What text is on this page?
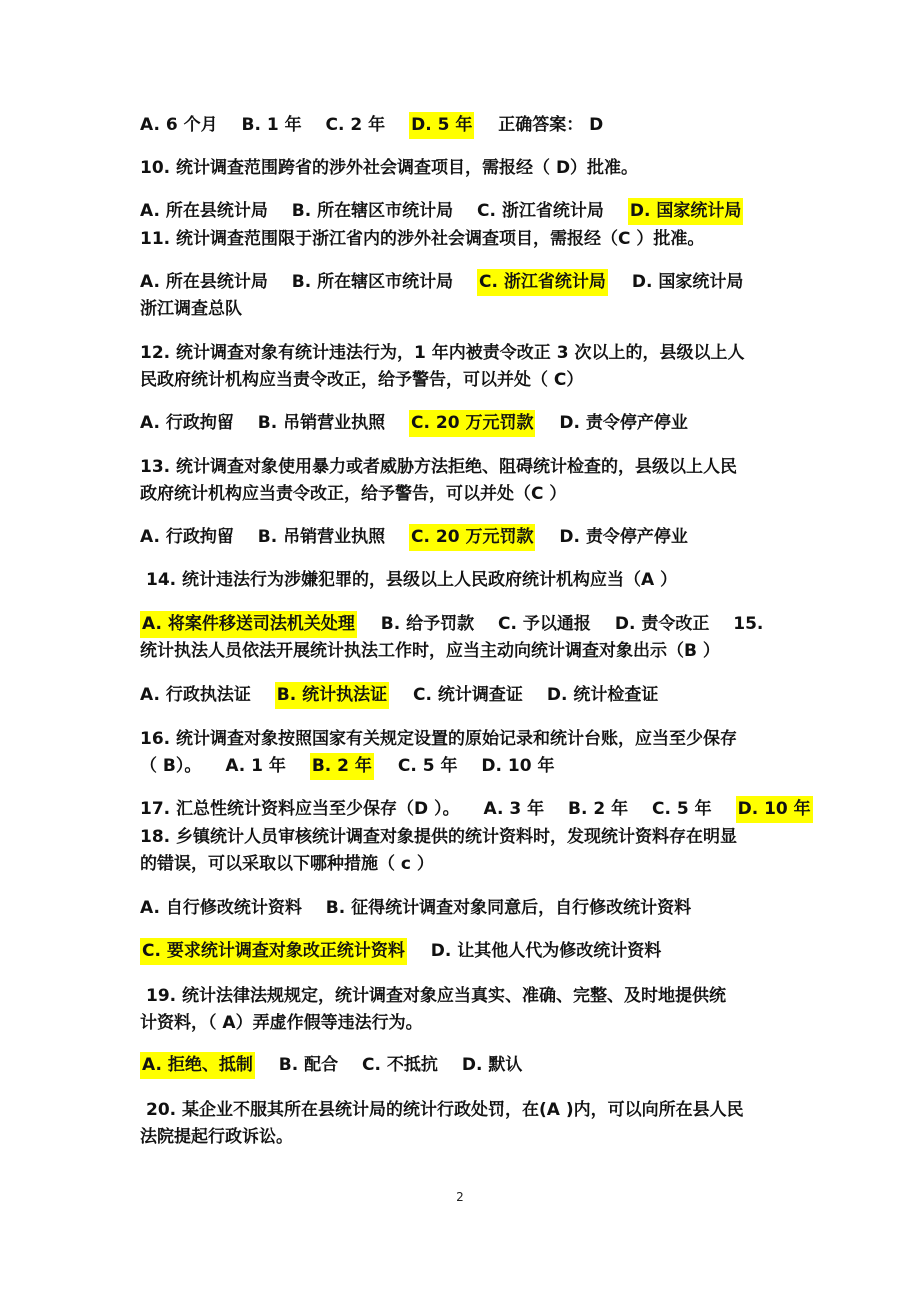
A. 6 个月 B. 1 年 C. 2 年 D. 5 年 正确答案： D
10. 统计调查范围跨省的涉外社会调查项目，需报经（ D）批准。
A. 所在县统计局 B. 所在辖区市统计局 C. 浙江省统计局 D. 国家统计局
11. 统计调查范围限于浙江省内的涉外社会调查项目，需报经（C ）批准。
A. 所在县统计局 B. 所在辖区市统计局 C. 浙江省统计局 D. 国家统计局
浙江调查总队
12. 统计调查对象有统计违法行为，1 年内被责令改正 3 次以上的，县级以上人
民政府统计机构应当责令改正，给予警告，可以并处（ C）
A. 行政拘留 B. 吊销营业执照 C. 20 万元罚款 D. 责令停产停业
13. 统计调查对象使用暴力或者威胁方法拒绝、阻碍统计检查的，县级以上人民
政府统计机构应当责令改正，给予警告，可以并处（C ）
A. 行政拘留 B. 吊销营业执照 C. 20 万元罚款 D. 责令停产停业
14. 统计违法行为涉嫌犯罪的，县级以上人民政府统计机构应当（A ）
A. 将案件移送司法机关处理 B. 给予罚款 C. 予以通报 D. 责令改正 15.
统计执法人员依法开展统计执法工作时，应当主动向统计调查对象出示（B ）
A. 行政执法证 B. 统计执法证 C. 统计调查证 D. 统计检查证
16. 统计调查对象按照国家有关规定设置的原始记录和统计台账，应当至少保存
（ B）。 A. 1 年 B. 2 年 C. 5 年 D. 10 年
17. 汇总性统计资料应当至少保存（D ）。 A. 3 年 B. 2 年 C. 5 年 D. 10 年
18. 乡镇统计人员审核统计调查对象提供的统计资料时，发现统计资料存在明显
的错误，可以采取以下哪种措施（ c ）
A. 自行修改统计资料 B. 征得统计调查对象同意后，自行修改统计资料
C. 要求统计调查对象改正统计资料 D. 让其他人代为修改统计资料
19. 统计法律法规规定，统计调查对象应当真实、准确、完整、及时地提供统
计资料，（ A）弄虚作假等违法行为。
A. 拒绝、抵制 B. 配合 C. 不抵抗 D. 默认
20. 某企业不服其所在县统计局的统计行政处罚，在(A )内，可以向所在县人民
法院提起行政诉讼。
2
